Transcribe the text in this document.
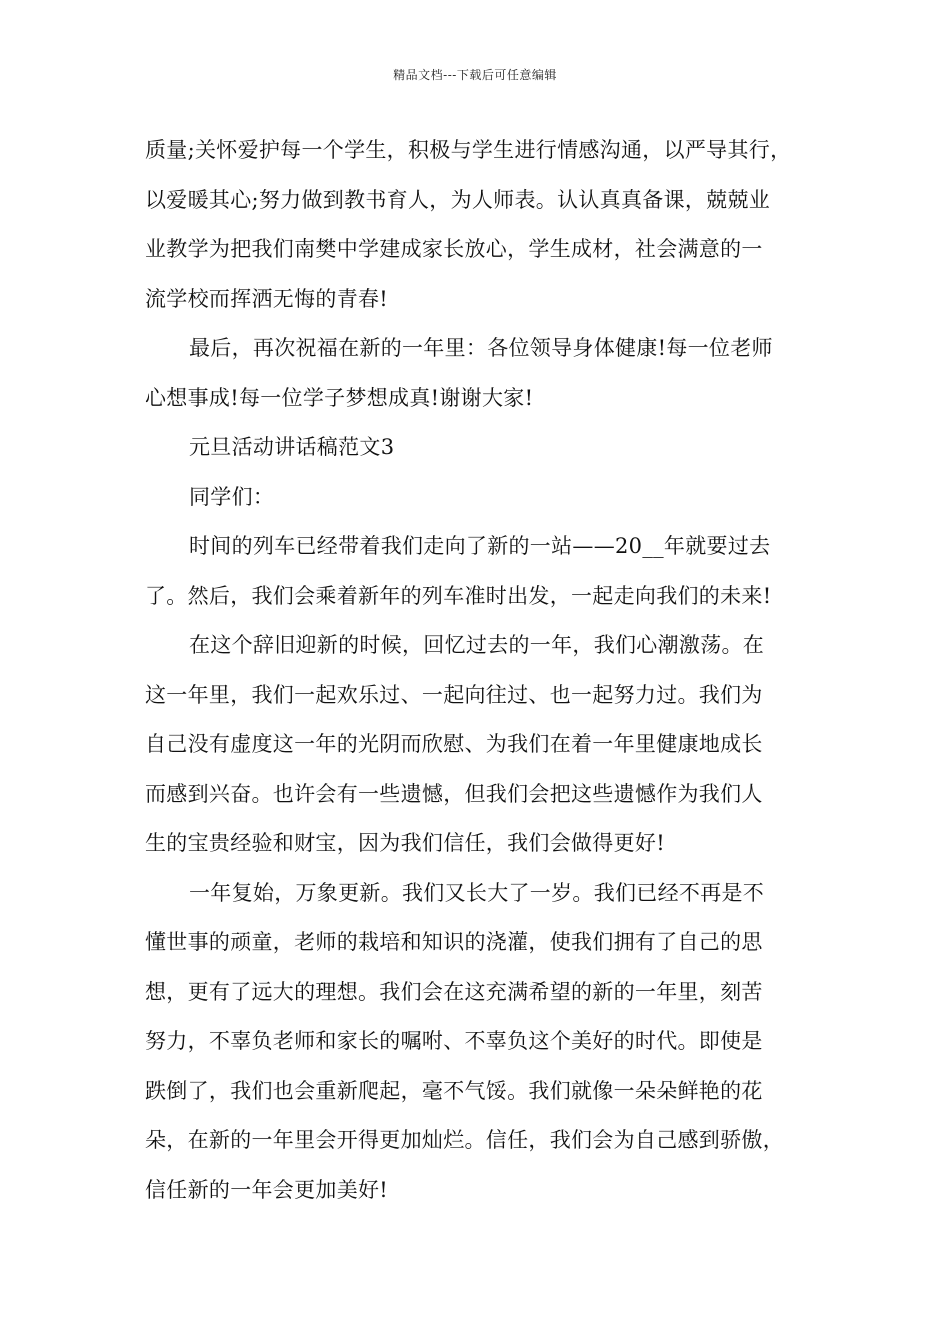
精品文档---下载后可任意编辑
质量;关怀爱护每一个学生，积极与学生进行情感沟通，以严导其行，
以爱暖其心;努力做到教书育人，为人师表。认认真真备课，兢兢业
业教学为把我们南樊中学建成家长放心，学生成材，社会满意的一
流学校而挥洒无悔的青春!
最后，再次祝福在新的一年里：各位领导身体健康!每一位老师
心想事成!每一位学子梦想成真!谢谢大家!
元旦活动讲话稿范文3
同学们：
时间的列车已经带着我们走向了新的一站——20__年就要过去
了。然后，我们会乘着新年的列车准时出发，一起走向我们的未来!
在这个辞旧迎新的时候，回忆过去的一年，我们心潮激荡。在
这一年里，我们一起欢乐过、一起向往过、也一起努力过。我们为
自己没有虚度这一年的光阴而欣慰、为我们在着一年里健康地成长
而感到兴奋。也许会有一些遗憾，但我们会把这些遗憾作为我们人
生的宝贵经验和财宝，因为我们信任，我们会做得更好!
一年复始，万象更新。我们又长大了一岁。我们已经不再是不
懂世事的顽童，老师的栽培和知识的浇灌，使我们拥有了自己的思
想，更有了远大的理想。我们会在这充满希望的新的一年里，刻苦
努力，不辜负老师和家长的嘱咐、不辜负这个美好的时代。即使是
跌倒了，我们也会重新爬起，毫不气馁。我们就像一朵朵鲜艳的花
朵，在新的一年里会开得更加灿烂。信任，我们会为自己感到骄傲，
信任新的一年会更加美好!
